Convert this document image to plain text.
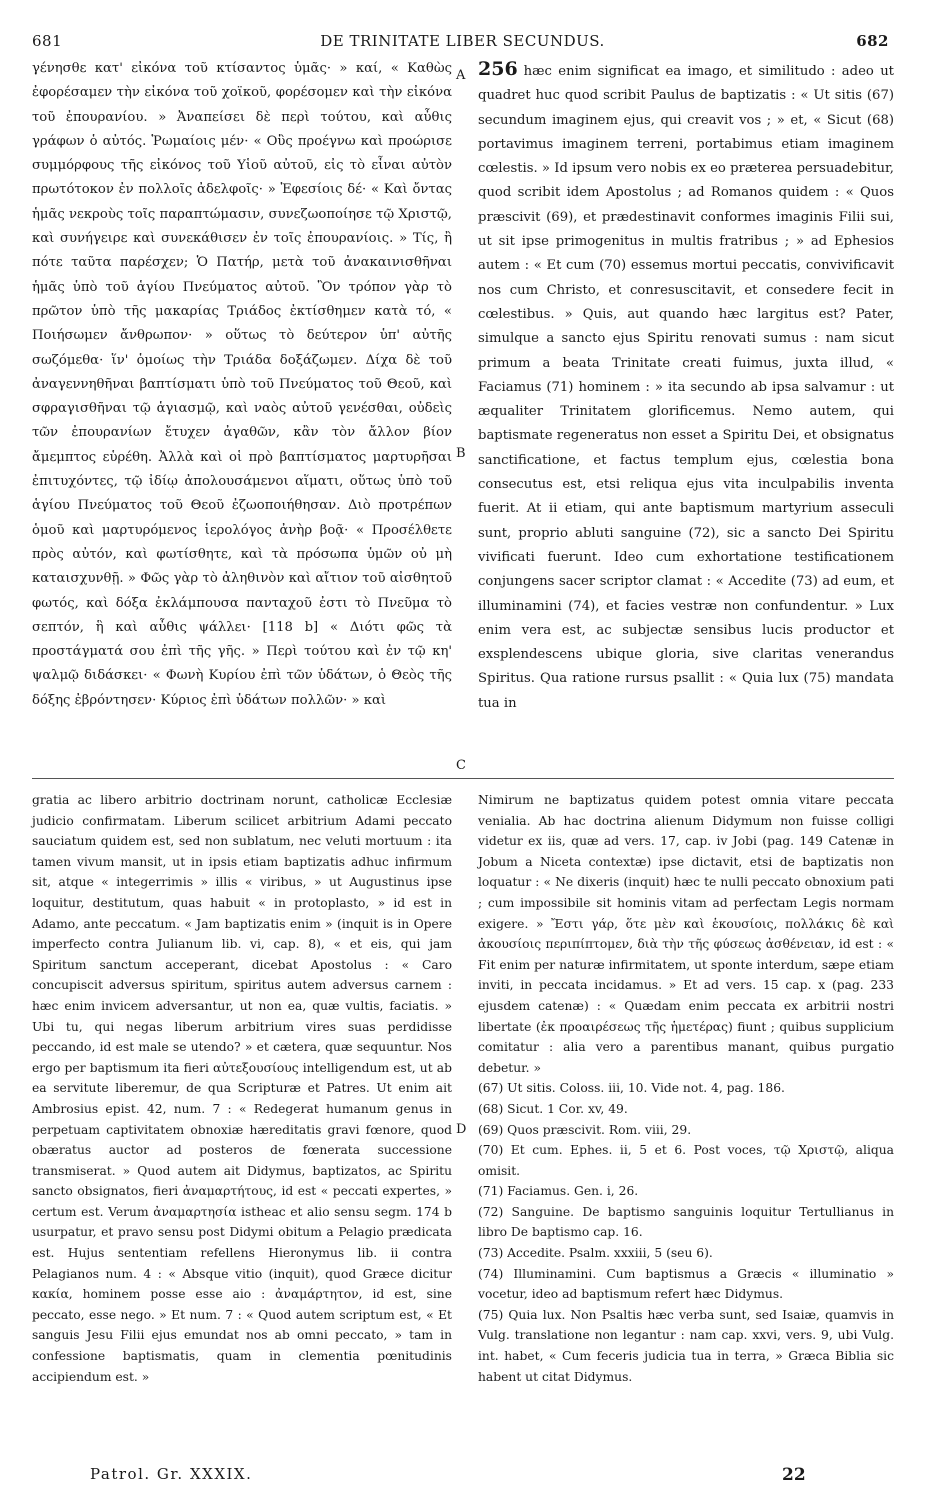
681	DE TRINITATE LIBER SECUNDUS.	682
A
B
C
D

γένησθε κατ' εἰκόνα τοῦ κτίσαντος ὑμᾶς· » καί, « Καθὼς ἐφορέσαμεν τὴν εἰκόνα τοῦ χοϊκοῦ, φορέσομεν καὶ τὴν εἰκόνα τοῦ ἐπουρανίου. » Ἀναπείσει δὲ περὶ τούτου, καὶ αὖθις γράφων ὁ αὐτός. Ῥωμαίοις μέν· « Οὓς προέγνω καὶ προώρισε συμμόρφους τῆς εἰκόνος τοῦ Υἱοῦ αὐτοῦ, εἰς τὸ εἶναι αὐτὸν πρωτότοκον ἐν πολλοῖς ἀδελφοῖς· » Ἐφεσίοις δέ· « Καὶ ὄντας ἡμᾶς νεκροὺς τοῖς παραπτώμασιν, συνεζωοποίησε τῷ Χριστῷ, καὶ συνήγειρε καὶ συνεκάθισεν ἐν τοῖς ἐπουρανίοις. » Τίς, ἢ πότε ταῦτα παρέσχεν; Ὁ Πατήρ, μετὰ τοῦ ἀνακαινισθῆναι ἡμᾶς ὑπὸ τοῦ ἁγίου Πνεύματος αὐτοῦ. Ὃν τρόπον γὰρ τὸ πρῶτον ὑπὸ τῆς μακαρίας Τριάδος ἐκτίσθημεν κατὰ τό, « Ποιήσωμεν ἄνθρωπον· » οὕτως τὸ δεύτερον ὑπ' αὐτῆς σωζόμεθα· ἵν' ὁμοίως τὴν Τριάδα δοξάζωμεν. Δίχα δὲ τοῦ ἀναγεννηθῆναι βαπτίσματι ὑπὸ τοῦ Πνεύματος τοῦ Θεοῦ, καὶ σφραγισθῆναι τῷ ἁγιασμῷ, καὶ ναὸς αὐτοῦ γενέσθαι, οὐδεὶς τῶν ἐπουρανίων ἔτυχεν ἀγαθῶν, κἂν τὸν ἄλλον βίον ἄμεμπτος εὑρέθη. Ἀλλὰ καὶ οἱ πρὸ βαπτίσματος μαρτυρῆσαι ἐπιτυχόντες, τῷ ἰδίῳ ἀπολουσάμενοι αἵματι, οὕτως ὑπὸ τοῦ ἁγίου Πνεύματος τοῦ Θεοῦ ἐζωοποιήθησαν. Διὸ προτρέπων ὁμοῦ καὶ μαρτυρόμενος ἱερολόγος ἀνὴρ βοᾷ· « Προσέλθετε πρὸς αὐτόν, καὶ φωτίσθητε, καὶ τὰ πρόσωπα ὑμῶν οὐ μὴ καταισχυνθῇ. » Φῶς γὰρ τὸ ἀληθινὸν καὶ αἴτιον τοῦ αἰσθητοῦ φωτός, καὶ δόξα ἐκλάμπουσα πανταχοῦ ἐστι τὸ Πνεῦμα τὸ σεπτόν, ἣ καὶ αὖθις ψάλλει· [118 b] « Διότι φῶς τὰ προστάγματά σου ἐπὶ τῆς γῆς. » Περὶ τούτου καὶ ἐν τῷ κη' ψαλμῷ διδάσκει· « Φωνὴ Κυρίου ἐπὶ τῶν ὑδάτων, ὁ Θεὸς τῆς δόξης ἐβρόντησεν· Κύριος ἐπὶ ὑδάτων πολλῶν· » καὶ

256 hæc enim significat ea imago, et similitudo : adeo ut quadret huc quod scribit Paulus de baptizatis : « Ut sitis (67) secundum imaginem ejus, qui creavit vos ; » et, « Sicut (68) portavimus imaginem terreni, portabimus etiam imaginem cœlestis. » Id ipsum vero nobis ex eo præterea persuadebitur, quod scribit idem Apostolus ; ad Romanos quidem : « Quos præscivit (69), et prædestinavit conformes imaginis Filii sui, ut sit ipse primogenitus in multis fratribus ; » ad Ephesios autem : « Et cum (70) essemus mortui peccatis, convivificavit nos cum Christo, et conresuscitavit, et consedere fecit in cœlestibus. » Quis, aut quando hæc largitus est? Pater, simulque a sancto ejus Spiritu renovati sumus : nam sicut primum a beata Trinitate creati fuimus, juxta illud, « Faciamus (71) hominem : » ita secundo ab ipsa salvamur : ut æqualiter Trinitatem glorificemus. Nemo autem, qui baptismate regeneratus non esset a Spiritu Dei, et obsignatus sanctificatione, et factus templum ejus, cœlestia bona consecutus est, etsi reliqua ejus vita inculpabilis inventa fuerit. At ii etiam, qui ante baptismum martyrium asseculi sunt, proprio abluti sanguine (72), sic a sancto Dei Spiritu vivificati fuerunt. Ideo cum exhortatione testificationem conjungens sacer scriptor clamat : « Accedite (73) ad eum, et illuminamini (74), et facies vestræ non confundentur. » Lux enim vera est, ac subjectæ sensibus lucis productor et exsplendescens ubique gloria, sive claritas venerandus Spiritus. Qua ratione rursus psallit : « Quia lux (75) mandata tua in

gratia ac libero arbitrio doctrinam norunt, catholicæ Ecclesiæ judicio confirmatam. Liberum scilicet arbitrium Adami peccato sauciatum quidem est, sed non sublatum, nec veluti mortuum : ita tamen vivum mansit, ut in ipsis etiam baptizatis adhuc infirmum sit, atque « integerrimis » illis « viribus, » ut Augustinus ipse loquitur, destitutum, quas habuit « in protoplasto, » id est in Adamo, ante peccatum. « Jam baptizatis enim » (inquit is in Opere imperfecto contra Julianum lib. vi, cap. 8), « et eis, qui jam Spiritum sanctum acceperant, dicebat Apostolus : « Caro concupiscit adversus spiritum, spiritus autem adversus carnem : hæc enim invicem adversantur, ut non ea, quæ vultis, faciatis. » Ubi tu, qui negas liberum arbitrium vires suas perdidisse peccando, id est male se utendo? » et cætera, quæ sequuntur. Nos ergo per baptismum ita fieri αὐτεξουσίους intelligendum est, ut ab ea servitute liberemur, de qua Scripturæ et Patres. Ut enim ait Ambrosius epist. 42, num. 7 : « Redegerat humanum genus in perpetuam captivitatem obnoxiæ hæreditatis gravi fœnore, quod obæratus auctor ad posteros de fœnerata successione transmiserat. » Quod autem ait Didymus, baptizatos, ac Spiritu sancto obsignatos, fieri ἀναμαρτήτους, id est « peccati expertes, » certum est. Verum ἀναμαρτησία istheac et alio sensu segm. 174 b usurpatur, et pravo sensu post Didymi obitum a Pelagio prædicata est. Hujus sententiam refellens Hieronymus lib. ii contra Pelagianos num. 4 : « Absque vitio (inquit), quod Græce dicitur κακία, hominem posse esse aio : ἀναμάρτητον, id est, sine peccato, esse nego. » Et num. 7 : « Quod autem scriptum est, « Et sanguis Jesu Filii ejus emundat nos ab omni peccato, » tam in confessione baptismatis, quam in clementia pœnitudinis accipiendum est. »

Nimirum ne baptizatus quidem potest omnia vitare peccata venialia. Ab hac doctrina alienum Didymum non fuisse colligi videtur ex iis, quæ ad vers. 17, cap. iv Jobi (pag. 149 Catenæ in Jobum a Niceta contextæ) ipse dictavit, etsi de baptizatis non loquatur : « Ne dixeris (inquit) hæc te nulli peccato obnoxium pati ; cum impossibile sit hominis vitam ad perfectam Legis normam exigere. » Ἔστι γάρ, ὅτε μὲν καὶ ἑκουσίοις, πολλάκις δὲ καὶ ἀκουσίοις περιπίπτομεν, διὰ τὴν τῆς φύσεως ἀσθένειαν, id est : « Fit enim per naturæ infirmitatem, ut sponte interdum, sæpe etiam inviti, in peccata incidamus. » Et ad vers. 15 cap. x (pag. 233 ejusdem catenæ) : « Quædam enim peccata ex arbitrii nostri libertate (ἐκ προαιρέσεως τῆς ἡμετέρας) fiunt ; quibus supplicium comitatur : alia vero a parentibus manant, quibus purgatio debetur. »
(67) Ut sitis. Coloss. iii, 10. Vide not. 4, pag. 186.
(68) Sicut. 1 Cor. xv, 49.
(69) Quos præscivit. Rom. viii, 29.
(70) Et cum. Ephes. ii, 5 et 6. Post voces, τῷ Χριστῷ, aliqua omisit.
(71) Faciamus. Gen. i, 26.
(72) Sanguine. De baptismo sanguinis loquitur Tertullianus in libro De baptismo cap. 16.
(73) Accedite. Psalm. xxxiii, 5 (seu 6).
(74) Illuminamini. Cum baptismus a Græcis « illuminatio » vocetur, ideo ad baptismum refert hæc Didymus.
(75) Quia lux. Non Psaltis hæc verba sunt, sed Isaiæ, quamvis in Vulg. translatione non legantur : nam cap. xxvi, vers. 9, ubi Vulg. int. habet, « Cum feceris judicia tua in terra, » Græca Biblia sic habent ut citat Didymus.
Patrol. Gr. XXXIX.	22
